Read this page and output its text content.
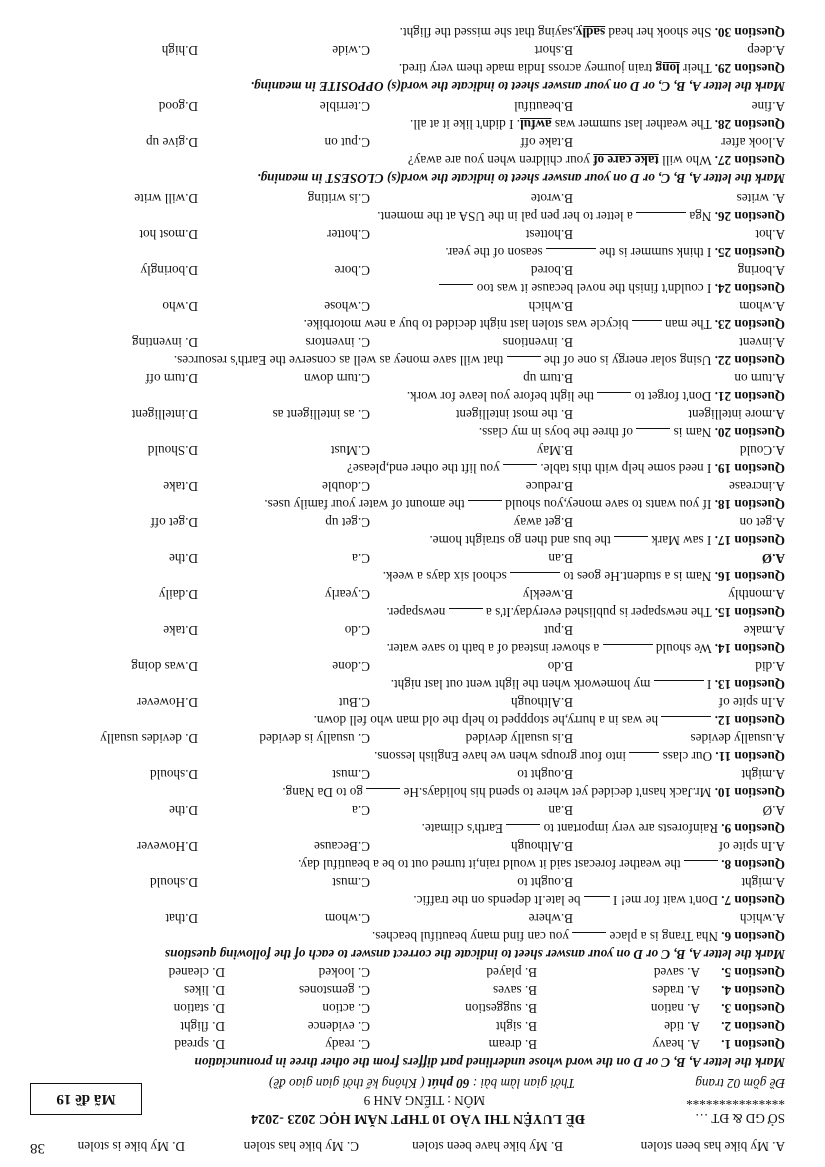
A. My bike has been stolen
B. My bike have been stolen
C. My bike has stolen
D. My bike is stolen
SỞ GD & ĐT …
ĐỀ LUYỆN THI VÀO 10 THPT NĂM HỌC 2023 -2024
***************
MÔN : TIẾNG ANH 9
Đề gồm 02 trang
Thời gian làm bài : 60 phút ( Không kể thời gian giao đề)
Mã đề 19
38
Mark the letter A, B, C or D on the word whose underlined part differs from the other three in pronunciation
Question 1.
A. heavy
B. dream
C. ready
D. spread
Question 2.
A. tide
B. sight
C. evidence
D. flight
Question 3.
A. nation
B. suggestion
C. action
D. station
Question 4.
A. trades
B. saves
C. gemstones
D. likes
Question 5.
A. saved
B. played
C. looked
D. cleaned
Mark the letter A, B, C or D on your answer sheet to indicate the correct answer to each of the following questions
Question 6. Nha Trang is a place  you can find many beautiful beaches.
A.which
B.where
C.whom
D.that
Question 7. Don't wait for me! I  be late.It depends on the traffic.
A.might
B.ought to
C.must
D.should
Question 8.  the weather forecast said it would rain,it turned out to be a beautiful day.
A.In spite of
B.Although
C.Because
D.However
Question 9. Rainforests are very important to  Earth's climate.
A.Ø
B.an
C.a
D.the
Question 10. Mr.Jack hasn't decided yet where to spend his holidays.He  go to Da Nang.
A.might
B.ought to
C.must
D.should
Question 11. Our class  into four groups when we have English lessons.
A.usually devides
B.is usually devided
C. usually is devided
D. devides usually
Question 12.  he was in a hurry,he stoppped to help the old man who fell down.
A.In spite of
B.Although
C.But
D.However
Question 13. I  my homework when the light went out last night.
A.did
B.do
C.done
D.was doing
Question 14. We should  a shower instead of a bath to save water.
A.make
B.put
C.do
D.take
Question 15. The newspaper is published everyday.It's a  newspaper.
A.monthly
B.weekly
C.yearly
D.daily
Question 16. Nam is a student.He goes to  school six days a week.
A.Ø
B.an
C.a
D.the
Question 17. I saw Mark  the bus and then go straight home.
A.get on
B.get away
C.get up
D.get off
Question 18. If you wants to save money,you should  the amount of water your family uses.
A.increase
B.reduce
C.double
D.take
Question 19. I need some help with this table.  you lift the other end,please?
A.Could
B.May
C.Must
D.Should
Question 20. Nam is  of three the boys in my class.
A.more intelligent
B. the most intelligent
C. as intelligent as
D.intelligent
Question 21. Don't forget to  the light before you leave for work.
A.turn on
B.turn up
C.turn down
D.turn off
Question 22. Using solar energy is one of the  that will save money as well as conserve the Earth's resources.
A.invent
B. inventions
C. inventors
D. inventing
Question 23. The man  bicycle was stolen last night decided to buy a new motorbike.
A.whom
B.which
C.whose
D.who
Question 24. I couldn't finish the novel because it was too
A.boring
B.bored
C.bore
D.boringly
Question 25. I think summer is the  season of the year.
A.hot
B.hottest
C.hotter
D.most hot
Question 26. Nga  a letter to her pen pal in the USA at the moment.
A. writes
B.wrote
C.is writing
D.will write
Mark the letter A, B, C, or D on your answer sheet to indicate the word(s) CLOSEST in meaning.
Question 27. Who will take care of your children when you are away?
A.look after
B.take off
C.put on
D.give up
Question 28. The weather last summer was awful. I didn't like it at all.
A.fine
B.beautiful
C.terrible
D.good
Mark the letter A, B, C, or D on your answer sheet to indicate the word(s) OPPOSITE in meaning.
Question 29. Their long train journey across India made them very tired.
A.deep
B.short
C.wide
D.high
Question 30. She shook her head sadly,saying that she missed the flight.
